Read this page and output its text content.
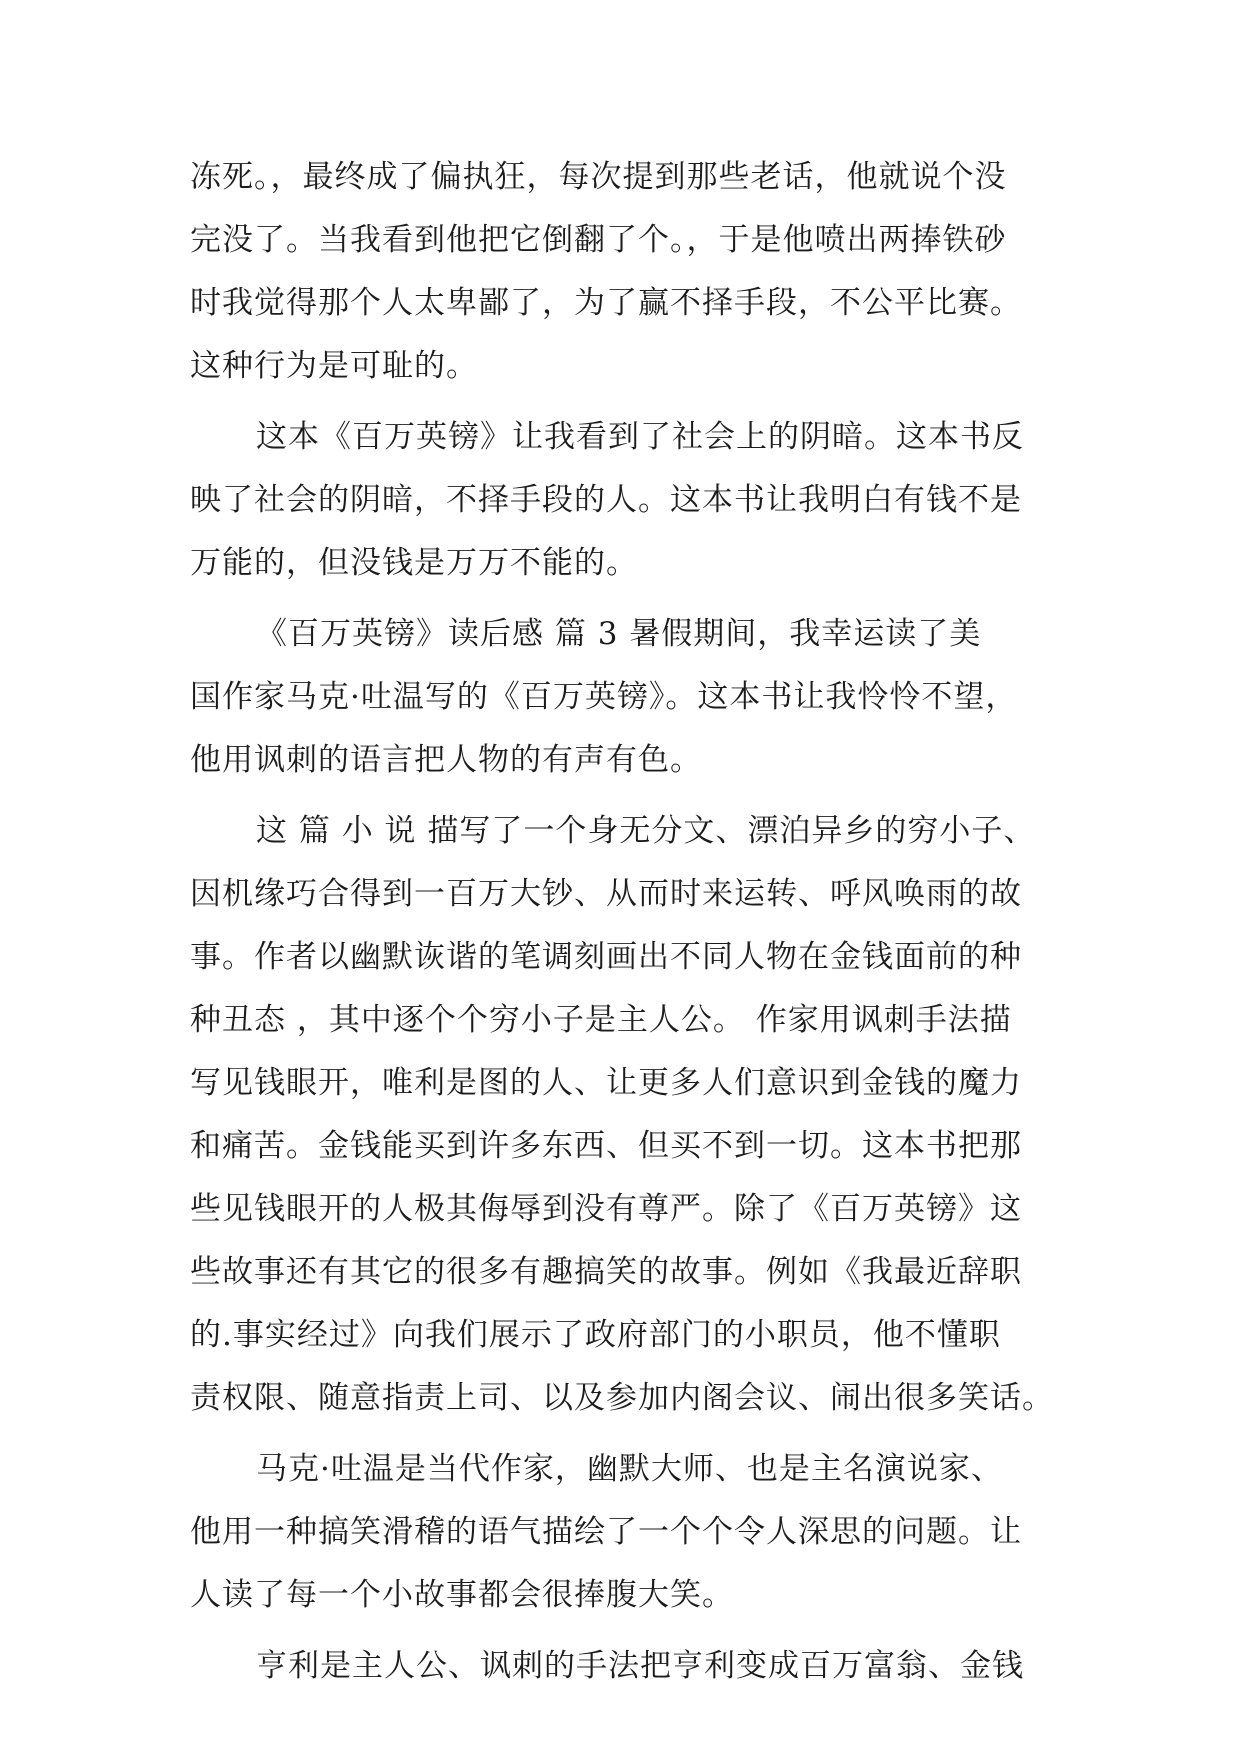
冻死。，最终成了偏执狂，每次提到那些老话，他就说个没
完没了。当我看到他把它倒翻了个。，于是他喷出两捧铁砂
时我觉得那个人太卑鄙了，为了赢不择手段，不公平比赛。
这种行为是可耻的。
这本《百万英镑》让我看到了社会上的阴暗。这本书反
映了社会的阴暗，不择手段的人。这本书让我明白有钱不是
万能的，但没钱是万万不能的。
《百万英镑》读后感 篇 3 暑假期间，我幸运读了美
国作家马克·吐温写的《百万英镑》。这本书让我怜怜不望，
他用讽刺的语言把人物的有声有色。
这 篇 小 说 描写了一个身无分文、漂泊异乡的穷小子、
因机缘巧合得到一百万大钞、从而时来运转、呼风唤雨的故
事。作者以幽默诙谐的笔调刻画出不同人物在金钱面前的种
种丑态 ，其中逐个个穷小子是主人公。 作家用讽刺手法描
写见钱眼开，唯利是图的人、让更多人们意识到金钱的魔力
和痛苦。金钱能买到许多东西、但买不到一切。这本书把那
些见钱眼开的人极其侮辱到没有尊严。除了《百万英镑》这
些故事还有其它的很多有趣搞笑的故事。例如《我最近辞职
的.事实经过》向我们展示了政府部门的小职员，他不懂职
责权限、随意指责上司、以及参加内阁会议、闹出很多笑话。
马克·吐温是当代作家，幽默大师、也是主名演说家、
他用一种搞笑滑稽的语气描绘了一个个令人深思的问题。让
人读了每一个小故事都会很捧腹大笑。
亨利是主人公、讽刺的手法把亨利变成百万富翁、金钱
